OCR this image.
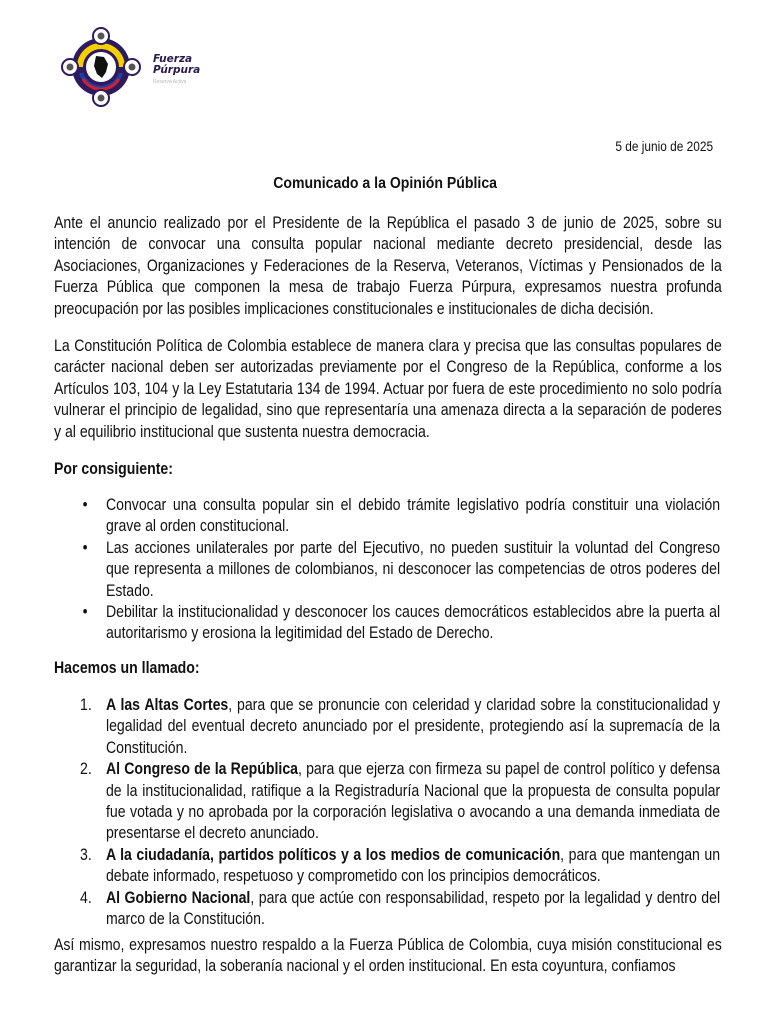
Fuerza
Púrpura
Reserva Activa
5 de junio de 2025
Comunicado a la Opinión Pública
Ante el anuncio realizado por el Presidente de la República el pasado 3 de junio de 2025, sobre su intención de convocar una consulta popular nacional mediante decreto presidencial, desde las Asociaciones, Organizaciones y Federaciones de la Reserva, Veteranos, Víctimas y Pensionados de la Fuerza Pública que componen la mesa de trabajo Fuerza Púrpura, expresamos nuestra profunda preocupación por las posibles implicaciones constitucionales e institucionales de dicha decisión.
La Constitución Política de Colombia establece de manera clara y precisa que las consultas populares de carácter nacional deben ser autorizadas previamente por el Congreso de la República, conforme a los Artículos 103, 104 y la Ley Estatutaria 134 de 1994. Actuar por fuera de este procedimiento no solo podría vulnerar el principio de legalidad, sino que representaría una amenaza directa a la separación de poderes y al equilibrio institucional que sustenta nuestra democracia.
Por consiguiente:
• Convocar una consulta popular sin el debido trámite legislativo podría constituir una violación grave al orden constitucional.
• Las acciones unilaterales por parte del Ejecutivo, no pueden sustituir la voluntad del Congreso que representa a millones de colombianos, ni desconocer las competencias de otros poderes del Estado.
• Debilitar la institucionalidad y desconocer los cauces democráticos establecidos abre la puerta al autoritarismo y erosiona la legitimidad del Estado de Derecho.
Hacemos un llamado:
1. A las Altas Cortes, para que se pronuncie con celeridad y claridad sobre la constitucionalidad y legalidad del eventual decreto anunciado por el presidente, protegiendo así la supremacía de la Constitución.
2. Al Congreso de la República, para que ejerza con firmeza su papel de control político y defensa de la institucionalidad, ratifique a la Registraduría Nacional que la propuesta de consulta popular fue votada y no aprobada por la corporación legislativa o avocando a una demanda inmediata de presentarse el decreto anunciado.
3. A la ciudadanía, partidos políticos y a los medios de comunicación, para que mantengan un debate informado, respetuoso y comprometido con los principios democráticos.
4. Al Gobierno Nacional, para que actúe con responsabilidad, respeto por la legalidad y dentro del marco de la Constitución.
Así mismo, expresamos nuestro respaldo a la Fuerza Pública de Colombia, cuya misión constitucional es garantizar la seguridad, la soberanía nacional y el orden institucional. En esta coyuntura, confiamos
